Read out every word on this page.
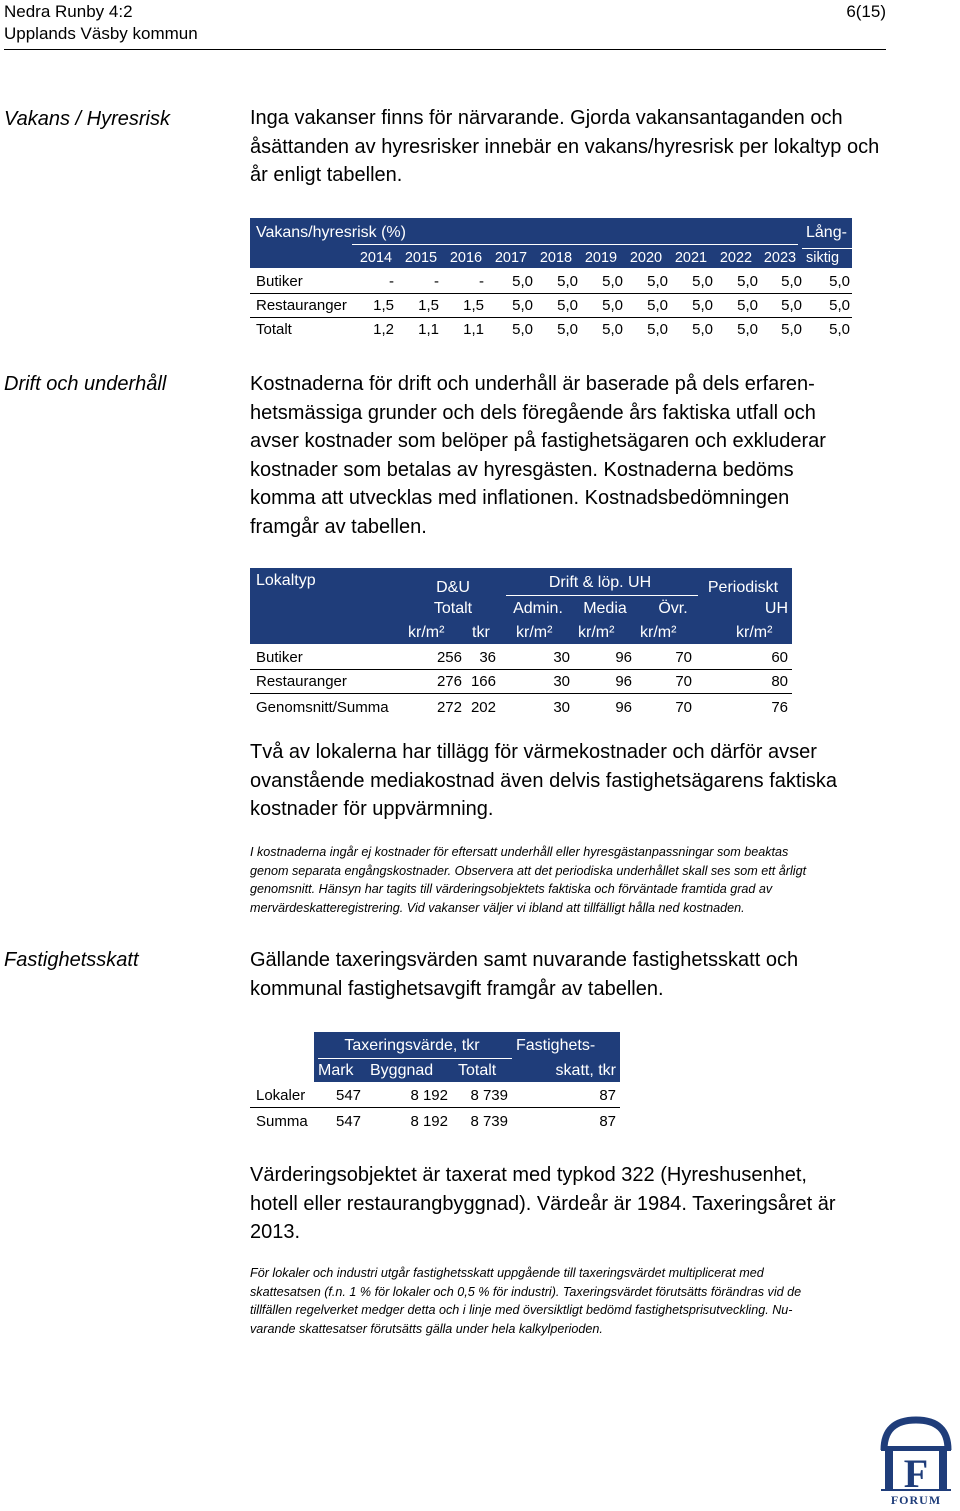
Nedra Runby 4:2
Upplands Väsby kommun
6(15)
Vakans / Hyresrisk	Inga vakanser finns för närvarande. Gjorda vakansantaganden och åsättanden av hyresrisker innebär en vakans/hyresrisk per lokaltyp och år enligt tabellen.
Vakans/hyresrisk (%)	Lång-
2014 2015 2016 2017 2018 2019 2020 2021 2022 2023 siktig
Butiker	-	-	-	5,0	5,0	5,0	5,0	5,0	5,0	5,0	5,0
Restauranger	1,5	1,5	1,5	5,0	5,0	5,0	5,0	5,0	5,0	5,0	5,0
Totalt	1,2	1,1	1,1	5,0	5,0	5,0	5,0	5,0	5,0	5,0	5,0
Drift och underhåll	Kostnaderna för drift och underhåll är baserade på dels erfaren-
hetsmässiga grunder och dels föregående års faktiska utfall och
avser kostnader som belöper på fastighetsägaren och exkluderar
kostnader som betalas av hyresgästen. Kostnaderna bedöms
komma att utvecklas med inflationen. Kostnadsbedömningen
framgår av tabellen.
Lokaltyp	D&U	Drift & löp. UH	Periodiskt
Totalt	Admin.	Media	Övr.	UH
kr/m² tkr kr/m² kr/m² kr/m²	kr/m²
Butiker	256	36	30	96	70	60
Restauranger	276 166	30	96	70	80
Genomsnitt/Summa	272 202	30	96	70	76
Två av lokalerna har tillägg för värmekostnader och därför avser
ovanstående mediakostnad även delvis fastighetsägarens faktiska
kostnader för uppvärmning.
I kostnaderna ingår ej kostnader för eftersatt underhåll eller hyresgästanpassningar som beaktas
genom separata engångskostnader. Observera att det periodiska underhållet skall ses som ett årligt
genomsnitt. Hänsyn har tagits till värderingsobjektets faktiska och förväntade framtida grad av
mervärdeskatteregistrering. Vid vakanser väljer vi ibland att tillfälligt hålla ned kostnaden.
Fastighetsskatt	Gällande taxeringsvärden samt nuvarande fastighetsskatt och
kommunal fastighetsavgift framgår av tabellen.
Taxeringsvärde, tkr	Fastighets-
Mark Byggnad Totalt	skatt, tkr
Lokaler 547	8 192	8 739	87
Summa 547	8 192	8 739	87
Värderingsobjektet är taxerat med typkod 322 (Hyreshusenhet,
hotell eller restaurangbyggnad). Värdeår är 1984. Taxeringsåret är
2013.
För lokaler och industri utgår fastighetsskatt uppgående till taxeringsvärdet multiplicerat med
skattesatsen (f.n. 1 % för lokaler och 0,5 % för industri). Taxeringsvärdet förutsätts förändras vid de
tillfällen regelverket medger detta och i linje med översiktligt bedömd fastighetsprisutveckling. Nu-
varande skattesatser förutsätts gälla under hela kalkylperioden.
F
FORUM
